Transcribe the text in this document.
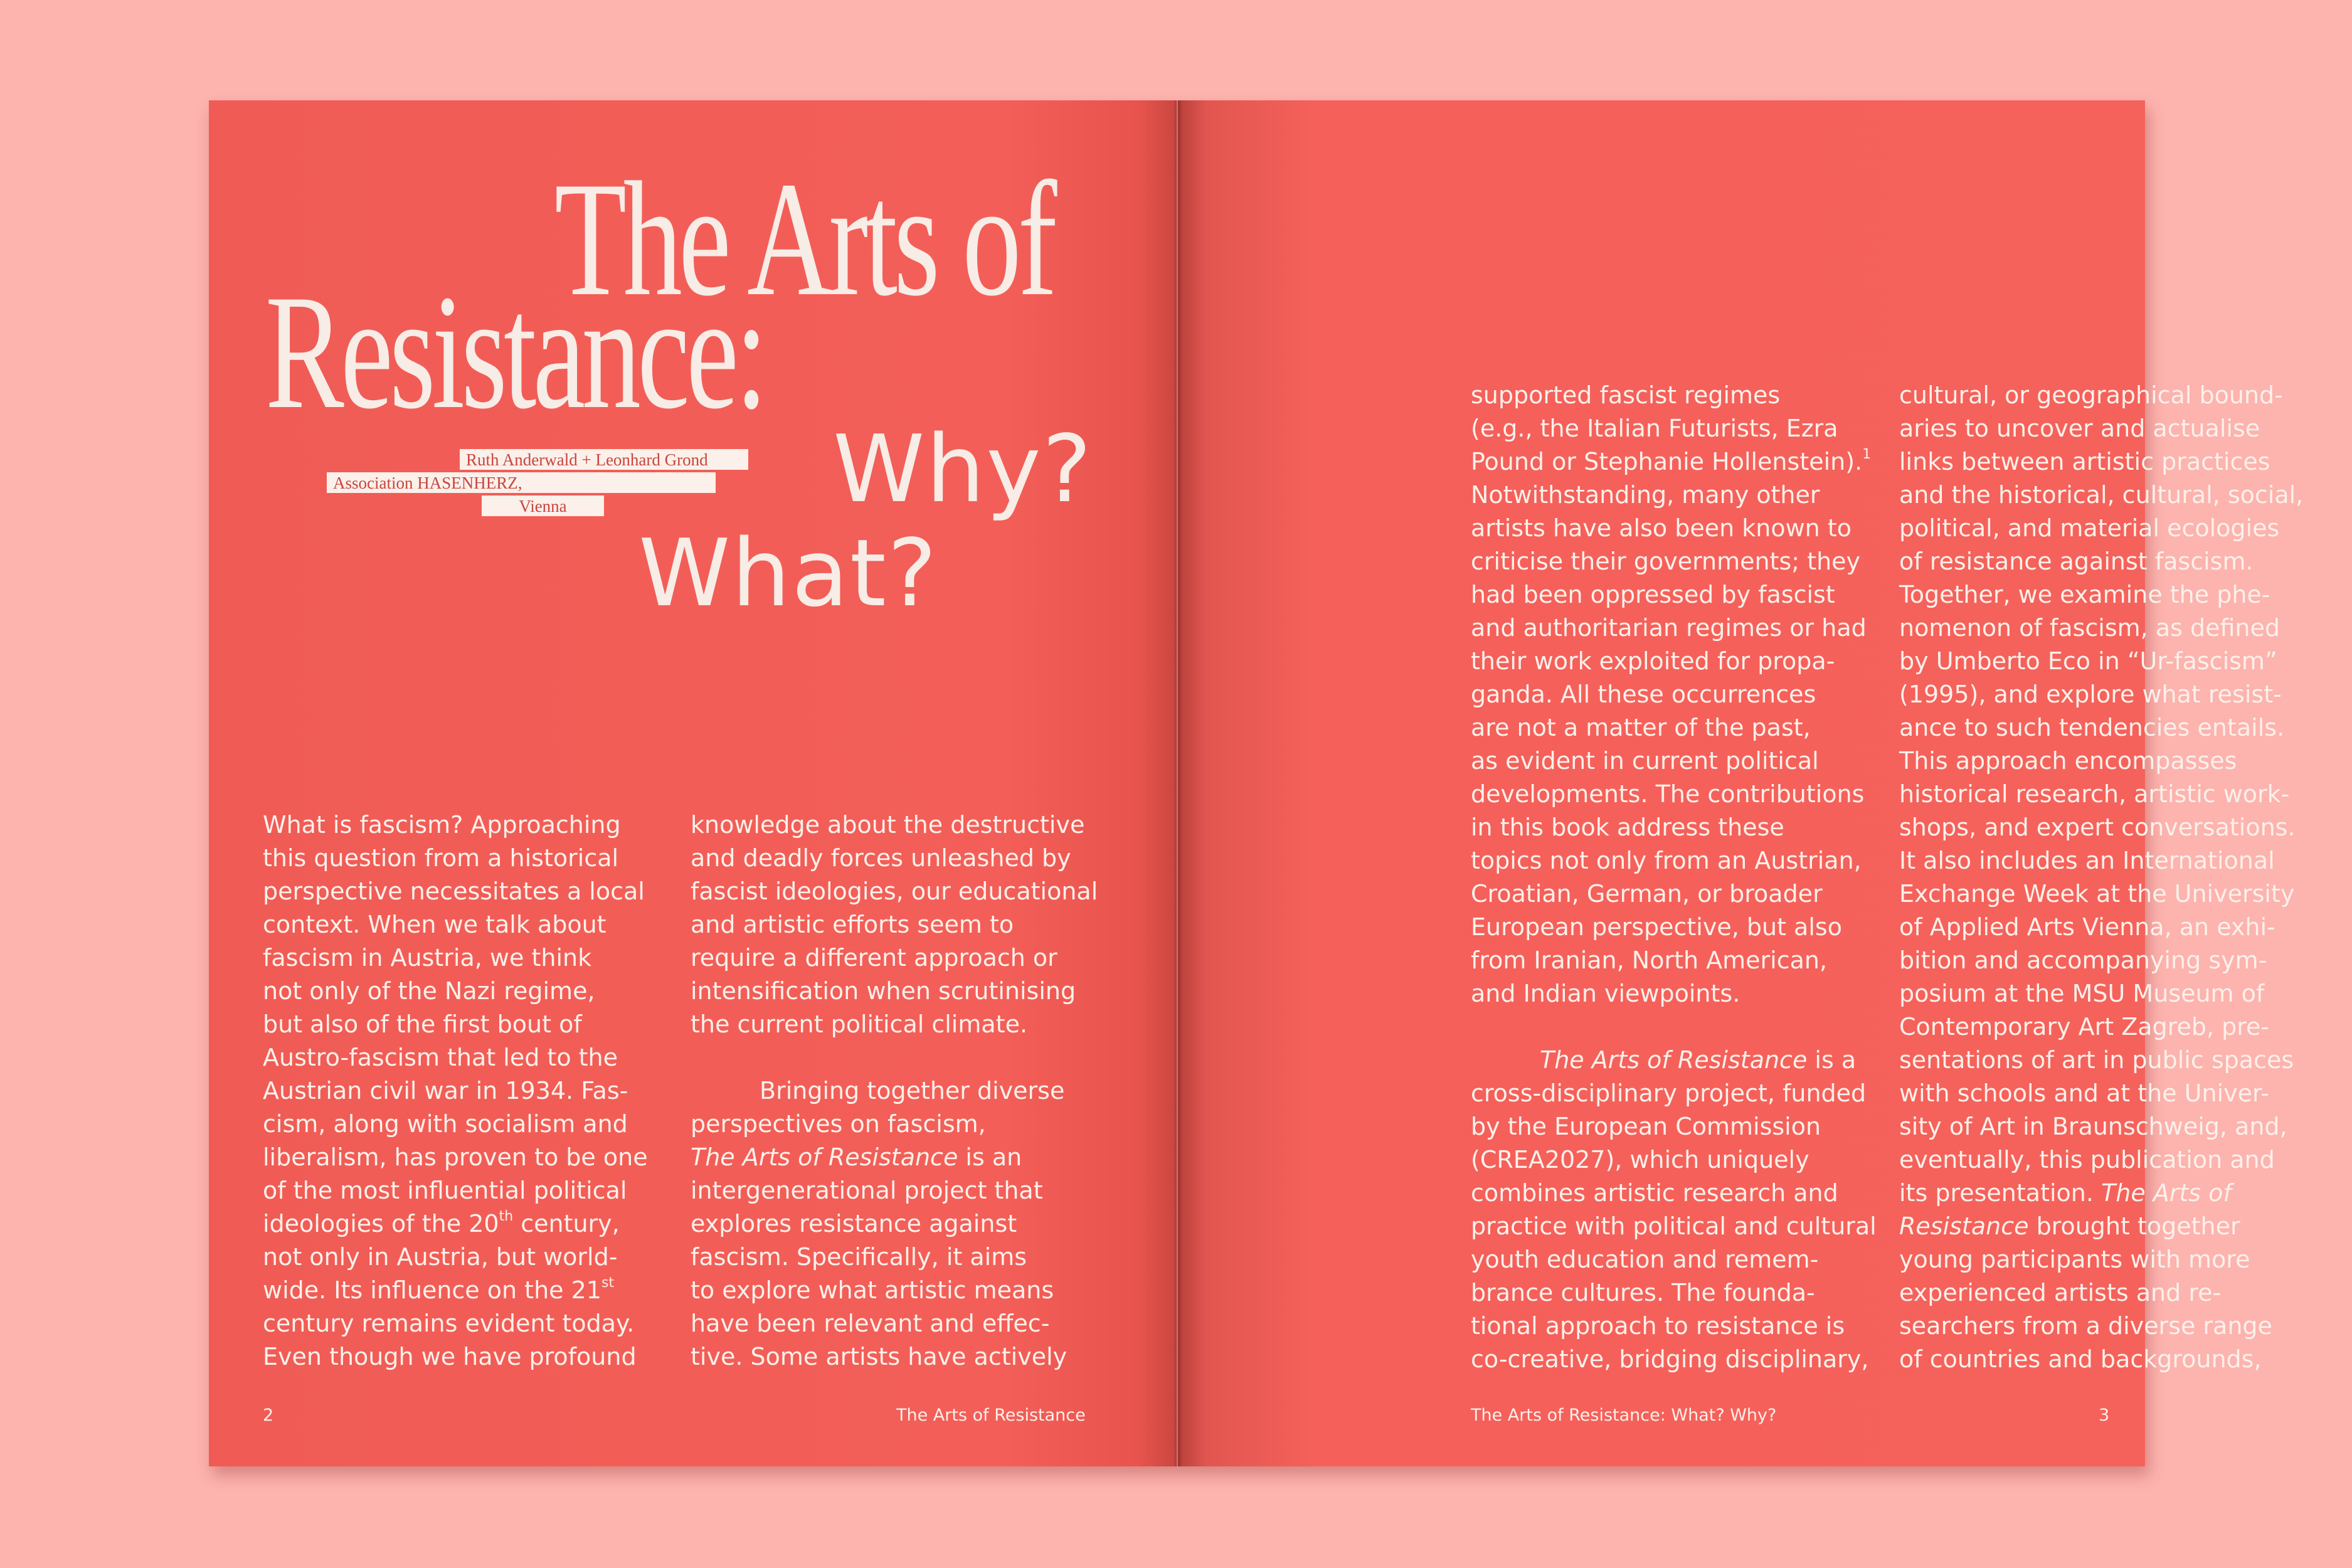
The Arts of
Resistance:
Ruth Anderwald + Leonhard Grond
Association HASENHERZ,
Vienna	Why?
What?
What is fascism? Approaching
this question from a historical
perspective necessitates a local
context. When we talk about
fascism in Austria, we think
not only of the Nazi regime,
but also of the first bout of
Austro-fascism that led to the
Austrian civil war in 1934. Fas-
cism, along with socialism and
liberalism, has proven to be one
of the most influential political
ideologies of the 20th century,
not only in Austria, but world-
wide. Its influence on the 21st
century remains evident today.
Even though we have profound
knowledge about the destructive
and deadly forces unleashed by
fascist ideologies, our educational
and artistic efforts seem to
require a different approach or
intensification when scrutinising
the current political climate.
Bringing together diverse
perspectives on fascism,
The Arts of Resistance is an
intergenerational project that
explores resistance against
fascism. Specifically, it aims
to explore what artistic means
have been relevant and effec-
tive. Some artists have actively
2	The Arts of Resistance
supported fascist regimes
(e.g., the Italian Futurists, Ezra
Pound or Stephanie Hollenstein).$^1$
Notwithstanding, many other
artists have also been known to
criticise their governments; they
had been oppressed by fascist
and authoritarian regimes or had
their work exploited for propa-
ganda. All these occurrences
are not a matter of the past,
as evident in current political
developments. The contributions
in this book address these
topics not only from an Austrian,
Croatian, German, or broader
European perspective, but also
from Iranian, North American,
and Indian viewpoints.
The Arts of Resistance is a
cross-disciplinary project, funded
by the European Commission
(CREA2027), which uniquely
combines artistic research and
practice with political and cultural
youth education and remem-
brance cultures. The founda-
tional approach to resistance is
co-creative, bridging disciplinary,
cultural, or geographical bound-
aries to uncover and actualise
links between artistic practices
and the historical, cultural, social,
political, and material ecologies
of resistance against fascism.
Together, we examine the phe-
nomenon of fascism, as defined
by Umberto Eco in “Ur-fascism”
(1995), and explore what resist-
ance to such tendencies entails.
This approach encompasses
historical research, artistic work-
shops, and expert conversations.
It also includes an International
Exchange Week at the University
of Applied Arts Vienna, an exhi-
bition and accompanying sym-
posium at the MSU Museum of
Contemporary Art Zagreb, pre-
sentations of art in public spaces
with schools and at the Univer-
sity of Art in Braunschweig, and,
eventually, this publication and
its presentation. The Arts of
Resistance brought together
young participants with more
experienced artists and re-
searchers from a diverse range
of countries and backgrounds,
The Arts of Resistance: What? Why?	3
